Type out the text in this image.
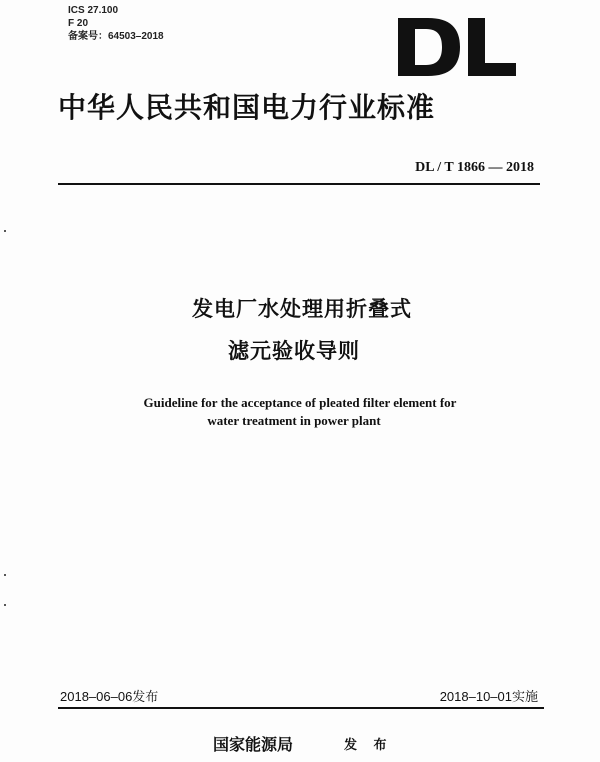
ICS 27.100
F 20
备案号：64503–2018
中华人民共和国电力行业标准
DL / T 1866 — 2018
发电厂水处理用折叠式
滤元验收导则
Guideline for the acceptance of pleated filter element for
water treatment in power plant
2018–06–06发布	2018–10–01实施
国家能源局	发 布
